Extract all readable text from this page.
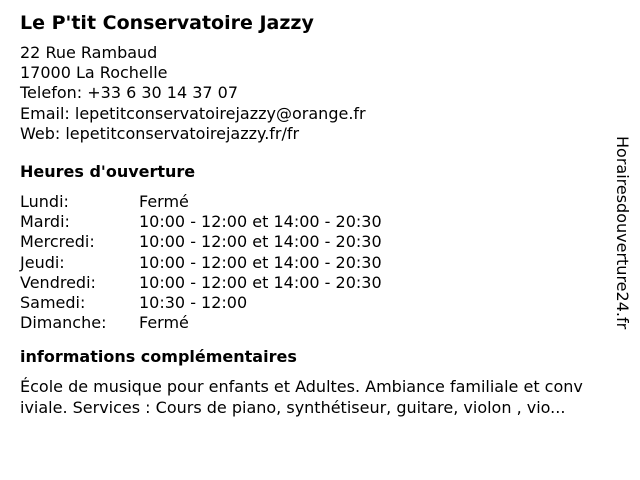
Le P'tit Conservatoire Jazzy
22 Rue Rambaud
17000 La Rochelle
Telefon: +33 6 30 14 37 07
Email: lepetitconservatoirejazzy@orange.fr
Web: lepetitconservatoirejazzy.fr/fr
Heures d'ouverture
Lundi:	Fermé
Mardi:	10:00 - 12:00 et 14:00 - 20:30
Mercredi:	10:00 - 12:00 et 14:00 - 20:30
Jeudi:	10:00 - 12:00 et 14:00 - 20:30
Vendredi:	10:00 - 12:00 et 14:00 - 20:30
Samedi:	10:30 - 12:00
Dimanche:	Fermé
informations complémentaires
École de musique pour enfants et Adultes. Ambiance familiale et conv
iviale. Services : Cours de piano, synthétiseur, guitare, violon , vio...
Horairesdouverture24.fr
